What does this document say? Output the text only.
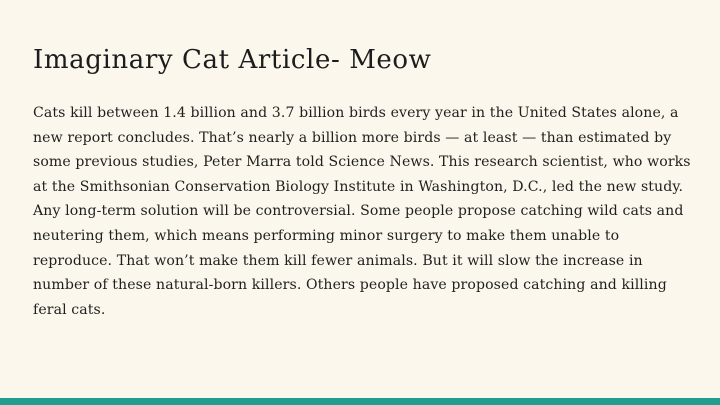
Imaginary Cat Article- Meow

Cats kill between 1.4 billion and 3.7 billion birds every year in the United States alone, a new report concludes. That’s nearly a billion more birds — at least — than estimated by some previous studies, Peter Marra told Science News. This research scientist, who works at the Smithsonian Conservation Biology Institute in Washington, D.C., led the new study. Any long-term solution will be controversial. Some people propose catching wild cats and neutering them, which means performing minor surgery to make them unable to reproduce. That won’t make them kill fewer animals. But it will slow the increase in number of these natural-born killers. Others people have proposed catching and killing feral cats.
